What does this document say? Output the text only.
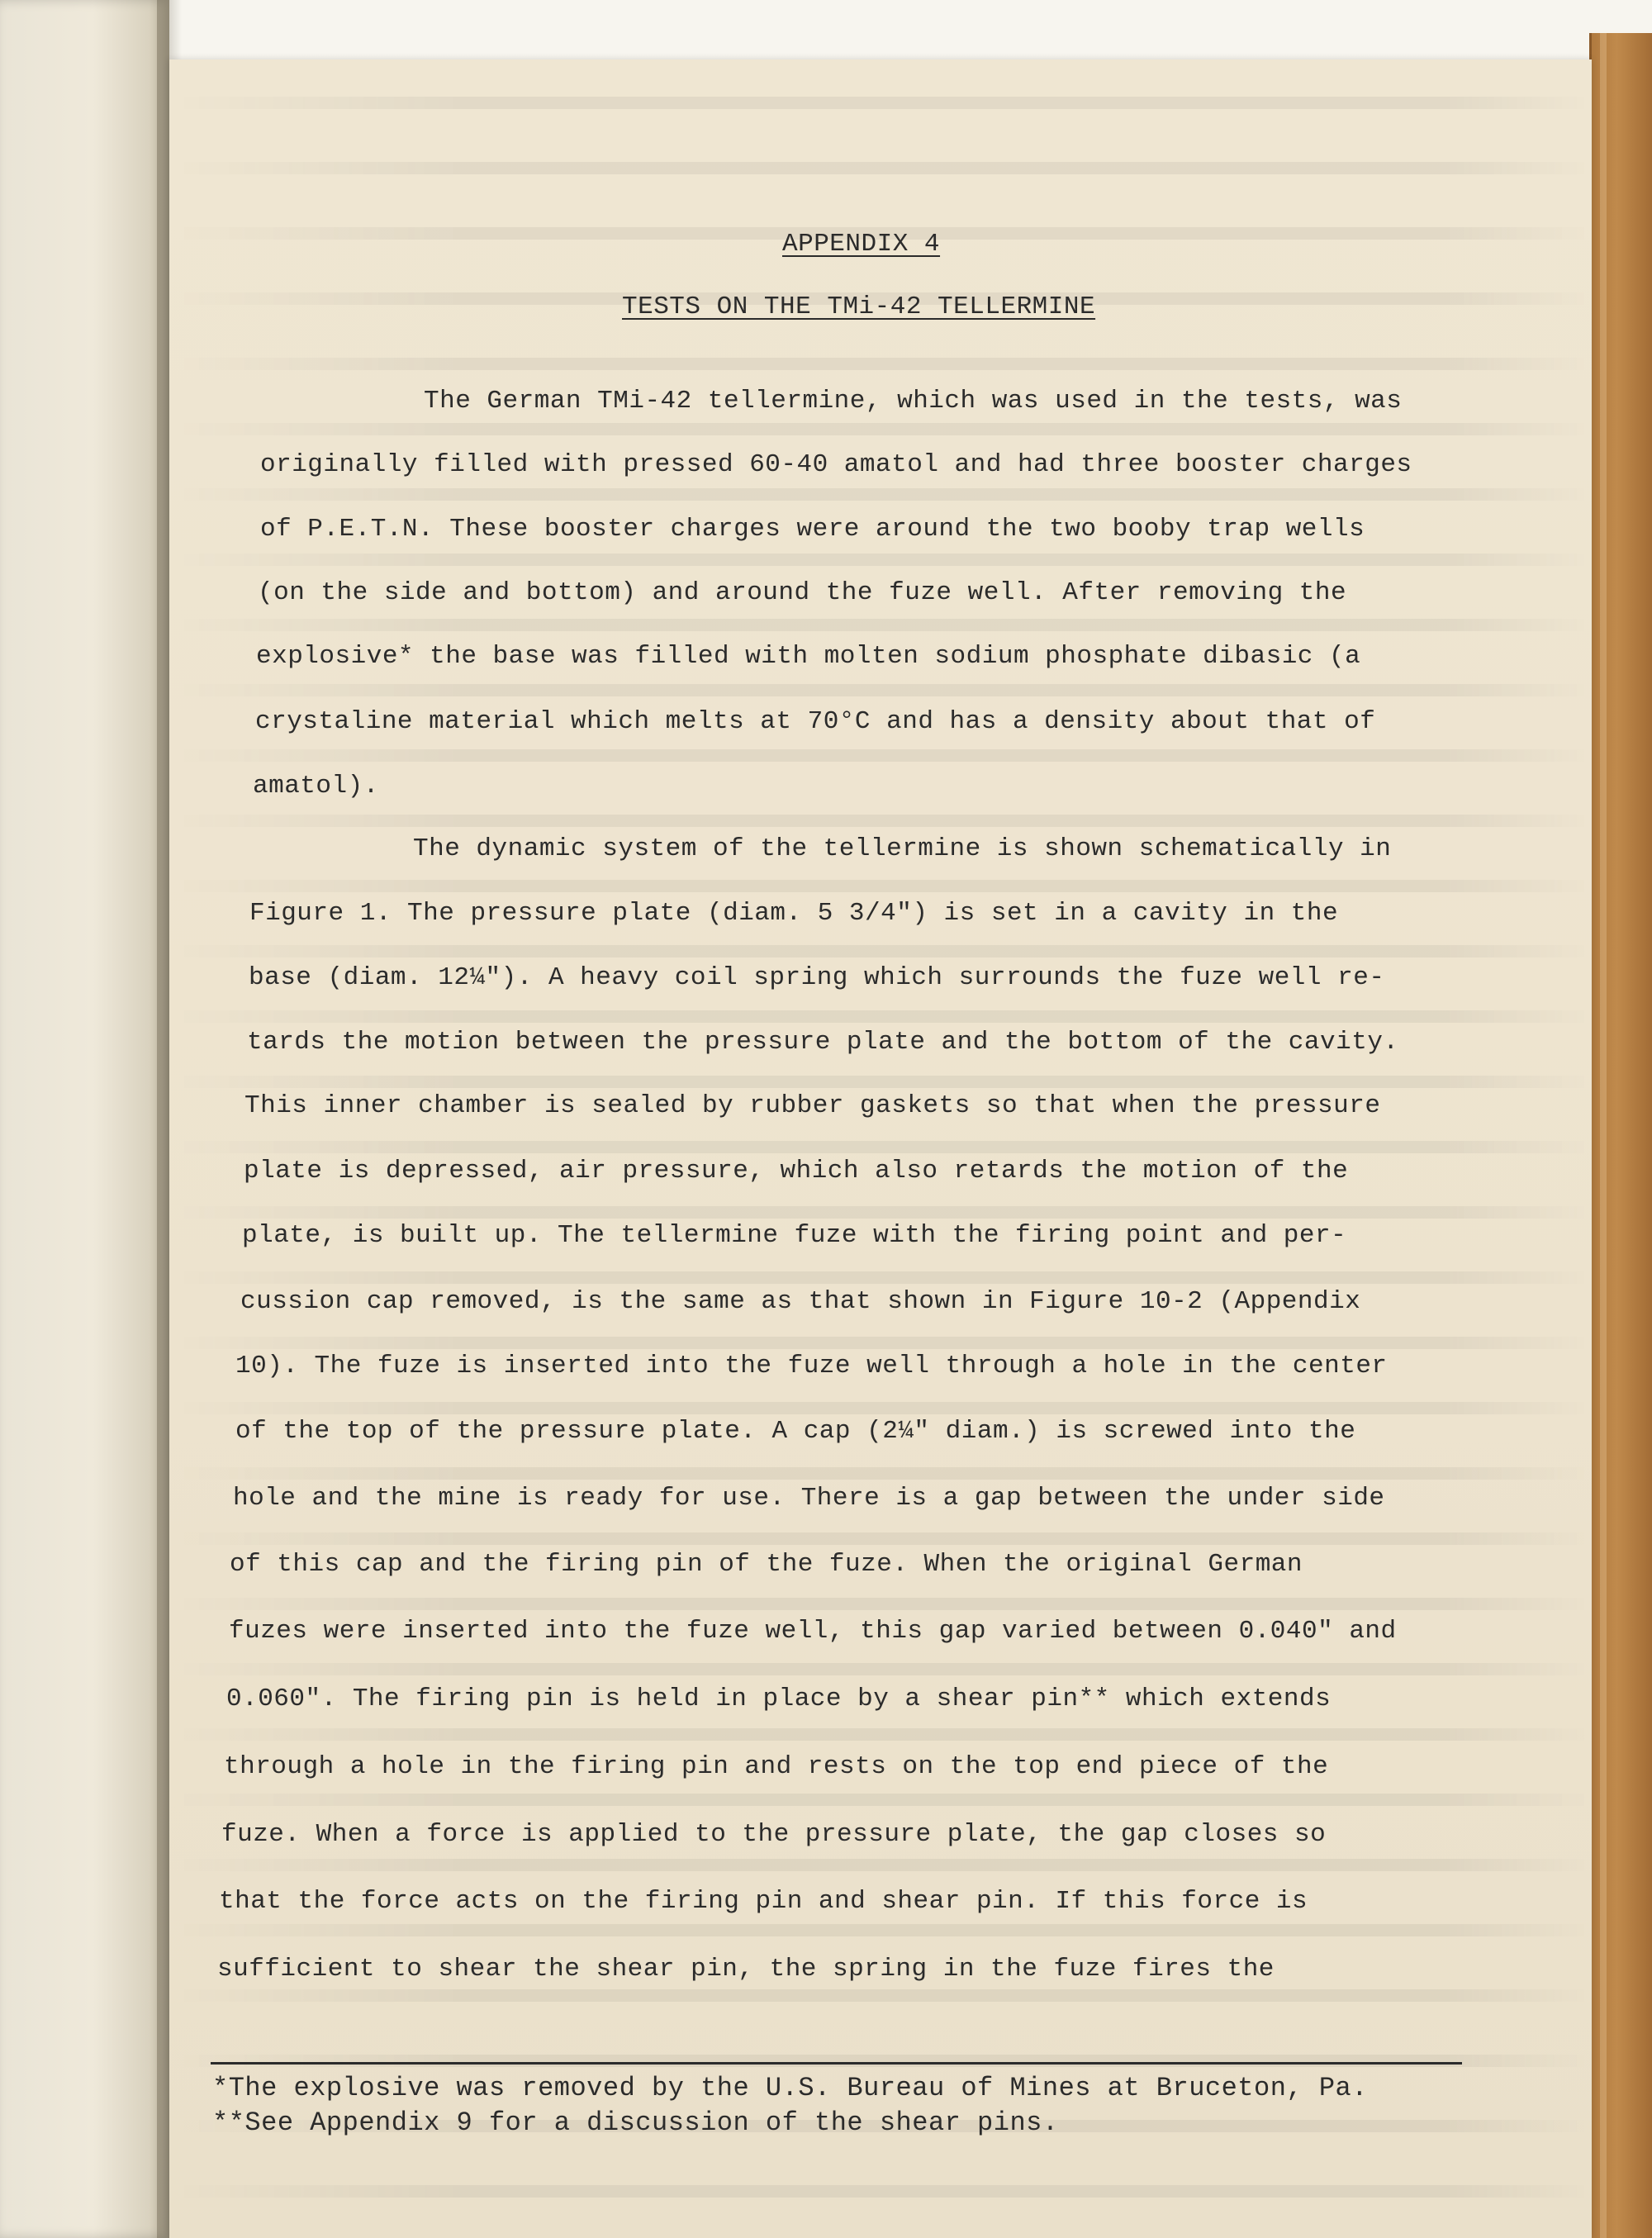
APPENDIX 4
TESTS ON THE TMi-42 TELLERMINE
The German TMi-42 tellermine, which was used in the tests, was
originally filled with pressed 60-40 amatol and had three booster charges
of P.E.T.N. These booster charges were around the two booby trap wells
(on the side and bottom) and around the fuze well. After removing the
explosive* the base was filled with molten sodium phosphate dibasic (a
crystaline material which melts at 70°C and has a density about that of
amatol).
The dynamic system of the tellermine is shown schematically in
Figure 1. The pressure plate (diam. 5 3/4") is set in a cavity in the
base (diam. 12¼"). A heavy coil spring which surrounds the fuze well re-
tards the motion between the pressure plate and the bottom of the cavity.
This inner chamber is sealed by rubber gaskets so that when the pressure
plate is depressed, air pressure, which also retards the motion of the
plate, is built up. The tellermine fuze with the firing point and per-
cussion cap removed, is the same as that shown in Figure 10-2 (Appendix
10). The fuze is inserted into the fuze well through a hole in the center
of the top of the pressure plate. A cap (2¼" diam.) is screwed into the
hole and the mine is ready for use. There is a gap between the under side
of this cap and the firing pin of the fuze. When the original German
fuzes were inserted into the fuze well, this gap varied between 0.040" and
0.060". The firing pin is held in place by a shear pin** which extends
through a hole in the firing pin and rests on the top end piece of the
fuze. When a force is applied to the pressure plate, the gap closes so
that the force acts on the firing pin and shear pin. If this force is
sufficient to shear the shear pin, the spring in the fuze fires the
*The explosive was removed by the U.S. Bureau of Mines at Bruceton, Pa.
**See Appendix 9 for a discussion of the shear pins.
